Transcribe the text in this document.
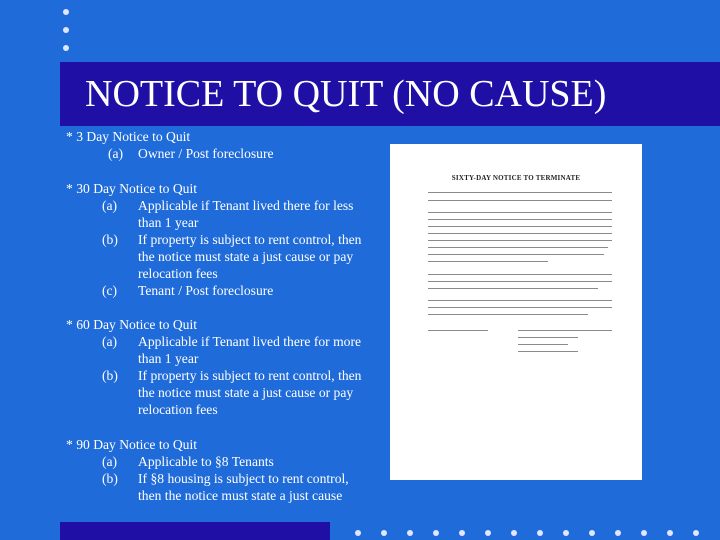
NOTICE TO QUIT (NO CAUSE)
* 3 Day Notice to Quit
(a)	Owner / Post foreclosure
* 30 Day Notice to Quit
(a)	Applicable if Tenant lived there for less than 1 year
(b)	If property is subject to rent control, then the notice must state a just cause or pay relocation fees
(c)	Tenant / Post foreclosure
* 60 Day Notice to Quit
(a)	Applicable if Tenant lived there for more than 1 year
(b)	If property is subject to rent control, then the notice must state a just cause or pay relocation fees
* 90 Day Notice to Quit
(a)	Applicable to §8 Tenants
(b)	If §8 housing is subject to rent control, then the notice must state a just cause
SIXTY-DAY NOTICE TO TERMINATE
